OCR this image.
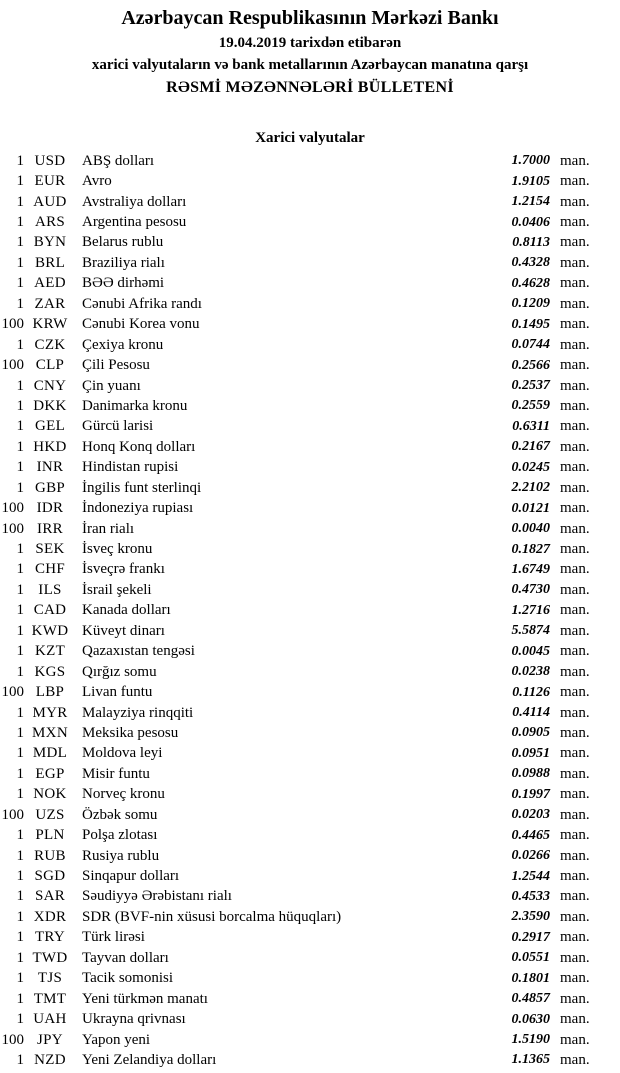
Azərbaycan Respublikasının Mərkəzi Bankı
19.04.2019 tarixdən etibarən
xarici valyutaların və bank metallarının Azərbaycan manatına qarşı
RƏSMİ MƏZƏNNƏLƏRİ BÜLLETENİ
Xarici valyutalar
1 USD	ABŞ dolları	1.7000 man.
1 EUR	Avro	1.9105 man.
1 AUD	Avstraliya dolları	1.2154 man.
1 ARS	Argentina pesosu	0.0406 man.
1 BYN	Belarus rublu	0.8113 man.
1 BRL	Braziliya rialı	0.4328 man.
1 AED	BƏƏ dirhəmi	0.4628 man.
1 ZAR	Cənubi Afrika randı	0.1209 man.
100 KRW Cənubi Korea vonu	0.1495 man.
1 CZK	Çexiya kronu	0.0744 man.
100 CLP	Çili Pesosu	0.2566 man.
1 CNY	Çin yuanı	0.2537 man.
1 DKK	Danimarka kronu	0.2559 man.
1 GEL	Gürcü larisi	0.6311 man.
1 HKD	Honq Konq dolları	0.2167 man.
1 INR	Hindistan rupisi	0.0245 man.
1 GBP	İngilis funt sterlinqi	2.2102 man.
100 IDR	İndoneziya rupiası	0.0121 man.
100 IRR	İran rialı	0.0040 man.
1 SEK	İsveç kronu	0.1827 man.
1 CHF	İsveçrə frankı	1.6749 man.
1 ILS	İsrail şekeli	0.4730 man.
1 CAD	Kanada dolları	1.2716 man.
1 KWD Küveyt dinarı	5.5874 man.
1 KZT	Qazaxıstan tengəsi	0.0045 man.
1 KGS	Qırğız somu	0.0238 man.
100 LBP	Livan funtu	0.1126 man.
1 MYR Malayziya rinqqiti	0.4114 man.
1 MXN Meksika pesosu	0.0905 man.
1 MDL Moldova leyi	0.0951 man.
1 EGP	Misir funtu	0.0988 man.
1 NOK	Norveç kronu	0.1997 man.
100 UZS	Özbək somu	0.0203 man.
1 PLN	Polşa zlotası	0.4465 man.
1 RUB	Rusiya rublu	0.0266 man.
1 SGD	Sinqapur dolları	1.2544 man.
1 SAR	Səudiyyə Ərəbistanı rialı	0.4533 man.
1 XDR	SDR (BVF-nin xüsusi borcalma hüquqları)	2.3590 man.
1 TRY	Türk lirəsi	0.2917 man.
1 TWD Tayvan dolları	0.0551 man.
1 TJS	Tacik somonisi	0.1801 man.
1 TMT	Yeni türkmən manatı	0.4857 man.
1 UAH	Ukrayna qrivnası	0.0630 man.
100 JPY	Yapon yeni	1.5190 man.
1 NZD	Yeni Zelandiya dolları	1.1365 man.
